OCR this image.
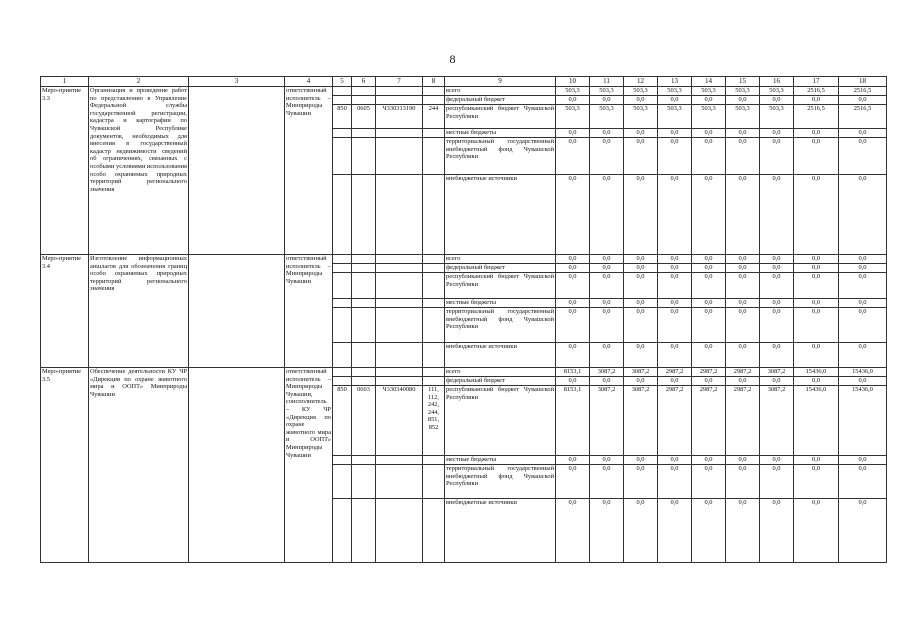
8
1	2	3	4	5	6	7	8	9	10	11	12	13	14	15	16	17	18
Меро-приятие 3.3	Организация и проведение работ по представлению в Управление Федеральной службы государственной регистрации, кадастра и картографии по Чувашской Республике документов, необходимых для внесения в государственный кадастр недвижимости сведений об ограничениях, связанных с особыми условиями использования особо охраняемых природных территорий регионального значения		ответственный исполнитель – Минприроды Чувашии					всего	503,3	503,3	503,3	503,3	503,3	503,3	503,3	2516,5	2516,5
								федеральный бюджет	0,0	0,0	0,0	0,0	0,0	0,0	0,0	0,0	0,0
				850	0605	Ч330313190	244	республиканский бюджет Чувашской Республики	503,3	503,3	503,3	503,3	503,3	503,3	503,3	2516,5	2516,5
								местные бюджеты	0,0	0,0	0,0	0,0	0,0	0,0	0,0	0,0	0,0
								территориальный государственный внебюджетный фонд Чувашской Республики	0,0	0,0	0,0	0,0	0,0	0,0	0,0	0,0	0,0
								внебюджетные источники	0,0	0,0	0,0	0,0	0,0	0,0	0,0	0,0	0,0
Меро-приятие 3.4	Изготовление информационных аншлагов для обозначения границ особо охраняемых природных территорий регионального значения		ответственный исполнитель – Минприроды Чувашии					всего	0,0	0,0	0,0	0,0	0,0	0,0	0,0	0,0	0,0
								федеральный бюджет	0,0	0,0	0,0	0,0	0,0	0,0	0,0	0,0	0,0
								республиканский бюджет Чувашской Республики	0,0	0,0	0,0	0,0	0,0	0,0	0,0	0,0	0,0
								местные бюджеты	0,0	0,0	0,0	0,0	0,0	0,0	0,0	0,0	0,0
								территориальный государственный внебюджетный фонд Чувашской Республики	0,0	0,0	0,0	0,0	0,0	0,0	0,0	0,0	0,0
								внебюджетные источники	0,0	0,0	0,0	0,0	0,0	0,0	0,0	0,0	0,0
Меро-приятие 3.5	Обеспечение деятельности КУ ЧР «Дирекция по охране животного мира и ООПТ» Минприроды Чувашии		ответственный исполнитель – Минприроды Чувашии, соисполнитель – КУ ЧР «Дирекция по охране животного мира и ООПТ» Минприроды Чувашии					всего	8153,1	3087,2	3087,2	2987,2	2987,2	2987,2	3087,2	15436,0	15436,0
								федеральный бюджет	0,0	0,0	0,0	0,0	0,0	0,0	0,0	0,0	0,0
				850	0603	Ч330340080	111, 112, 242, 244, 851, 852	республиканский бюджет Чувашской Республики	8153,1	3087,2	3087,2	2987,2	2987,2	2987,2	3087,2	15436,0	15436,0
								местные бюджеты	0,0	0,0	0,0	0,0	0,0	0,0	0,0	0,0	0,0
								территориальный государственный внебюджетный фонд Чувашской Республики	0,0	0,0	0,0	0,0	0,0	0,0	0,0	0,0	0,0
								внебюджетные источники	0,0	0,0	0,0	0,0	0,0	0,0	0,0	0,0	0,0
